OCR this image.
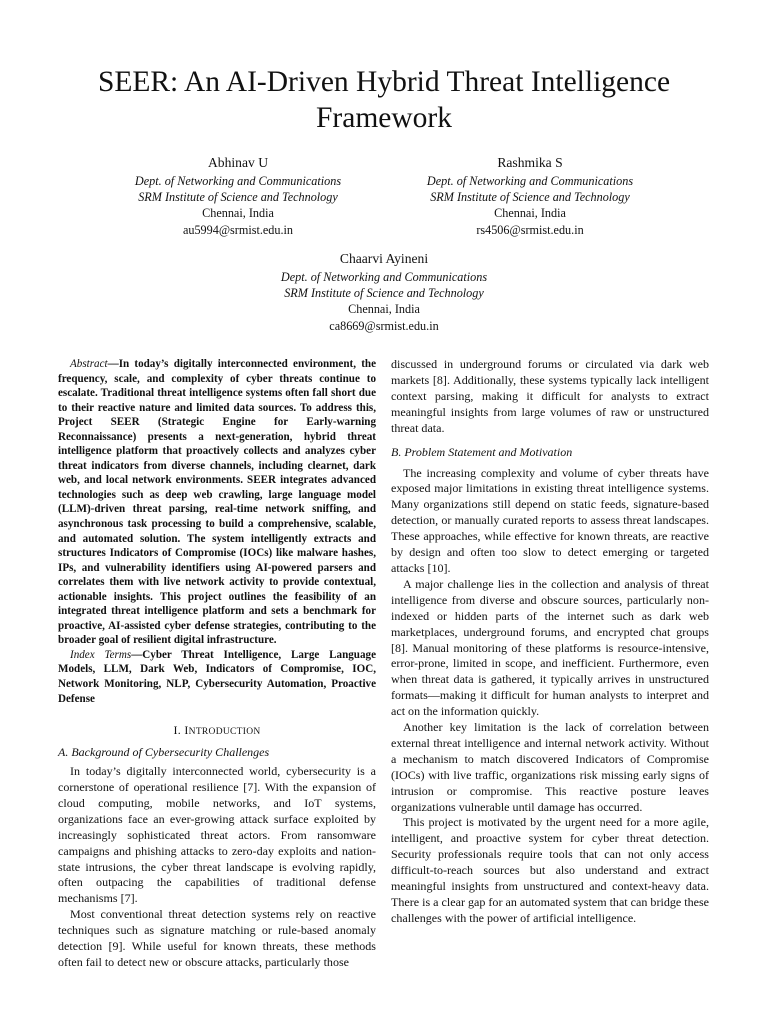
SEER: An AI-Driven Hybrid Threat Intelligence Framework
Abhinav U
Dept. of Networking and Communications
SRM Institute of Science and Technology
Chennai, India
au5994@srmist.edu.in
Rashmika S
Dept. of Networking and Communications
SRM Institute of Science and Technology
Chennai, India
rs4506@srmist.edu.in
Chaarvi Ayineni
Dept. of Networking and Communications
SRM Institute of Science and Technology
Chennai, India
ca8669@srmist.edu.in

Abstract—In today’s digitally interconnected environment, the frequency, scale, and complexity of cyber threats continue to escalate. Traditional threat intelligence systems often fall short due to their reactive nature and limited data sources. To address this, Project SEER (Strategic Engine for Early-warning Reconnaissance) presents a next-generation, hybrid threat intelligence platform that proactively collects and analyzes cyber threat indicators from diverse channels, including clearnet, dark web, and local network environments. SEER integrates advanced technologies such as deep web crawling, large language model (LLM)-driven threat parsing, real-time network sniffing, and asynchronous task processing to build a comprehensive, scalable, and automated solution. The system intelligently extracts and structures Indicators of Compromise (IOCs) like malware hashes, IPs, and vulnerability identifiers using AI-powered parsers and correlates them with live network activity to provide contextual, actionable insights. This project outlines the feasibility of an integrated threat intelligence platform and sets a benchmark for proactive, AI-assisted cyber defense strategies, contributing to the broader goal of resilient digital infrastructure.

Index Terms—Cyber Threat Intelligence, Large Language Models, LLM, Dark Web, Indicators of Compromise, IOC, Network Monitoring, NLP, Cybersecurity Automation, Proactive Defense

I. INTRODUCTION
A. Background of Cybersecurity Challenges

In today’s digitally interconnected world, cybersecurity is a cornerstone of operational resilience [7]. With the expansion of cloud computing, mobile networks, and IoT systems, organizations face an ever-growing attack surface exploited by increasingly sophisticated threat actors. From ransomware campaigns and phishing attacks to zero-day exploits and nation-state intrusions, the cyber threat landscape is evolving rapidly, often outpacing the capabilities of traditional defense mechanisms [7].

Most conventional threat detection systems rely on reactive techniques such as signature matching or rule-based anomaly detection [9]. While useful for known threats, these methods often fail to detect new or obscure attacks, particularly those

discussed in underground forums or circulated via dark web markets [8]. Additionally, these systems typically lack intelligent context parsing, making it difficult for analysts to extract meaningful insights from large volumes of raw or unstructured threat data.

B. Problem Statement and Motivation

The increasing complexity and volume of cyber threats have exposed major limitations in existing threat intelligence systems. Many organizations still depend on static feeds, signature-based detection, or manually curated reports to assess threat landscapes. These approaches, while effective for known threats, are reactive by design and often too slow to detect emerging or targeted attacks [10].

A major challenge lies in the collection and analysis of threat intelligence from diverse and obscure sources, particularly non-indexed or hidden parts of the internet such as dark web marketplaces, underground forums, and encrypted chat groups [8]. Manual monitoring of these platforms is resource-intensive, error-prone, limited in scope, and inefficient. Furthermore, even when threat data is gathered, it typically arrives in unstructured formats—making it difficult for human analysts to interpret and act on the information quickly.

Another key limitation is the lack of correlation between external threat intelligence and internal network activity. Without a mechanism to match discovered Indicators of Compromise (IOCs) with live traffic, organizations risk missing early signs of intrusion or compromise. This reactive posture leaves organizations vulnerable until damage has occurred.

This project is motivated by the urgent need for a more agile, intelligent, and proactive system for cyber threat detection. Security professionals require tools that can not only access difficult-to-reach sources but also understand and extract meaningful insights from unstructured and context-heavy data. There is a clear gap for an automated system that can bridge these challenges with the power of artificial intelligence.
